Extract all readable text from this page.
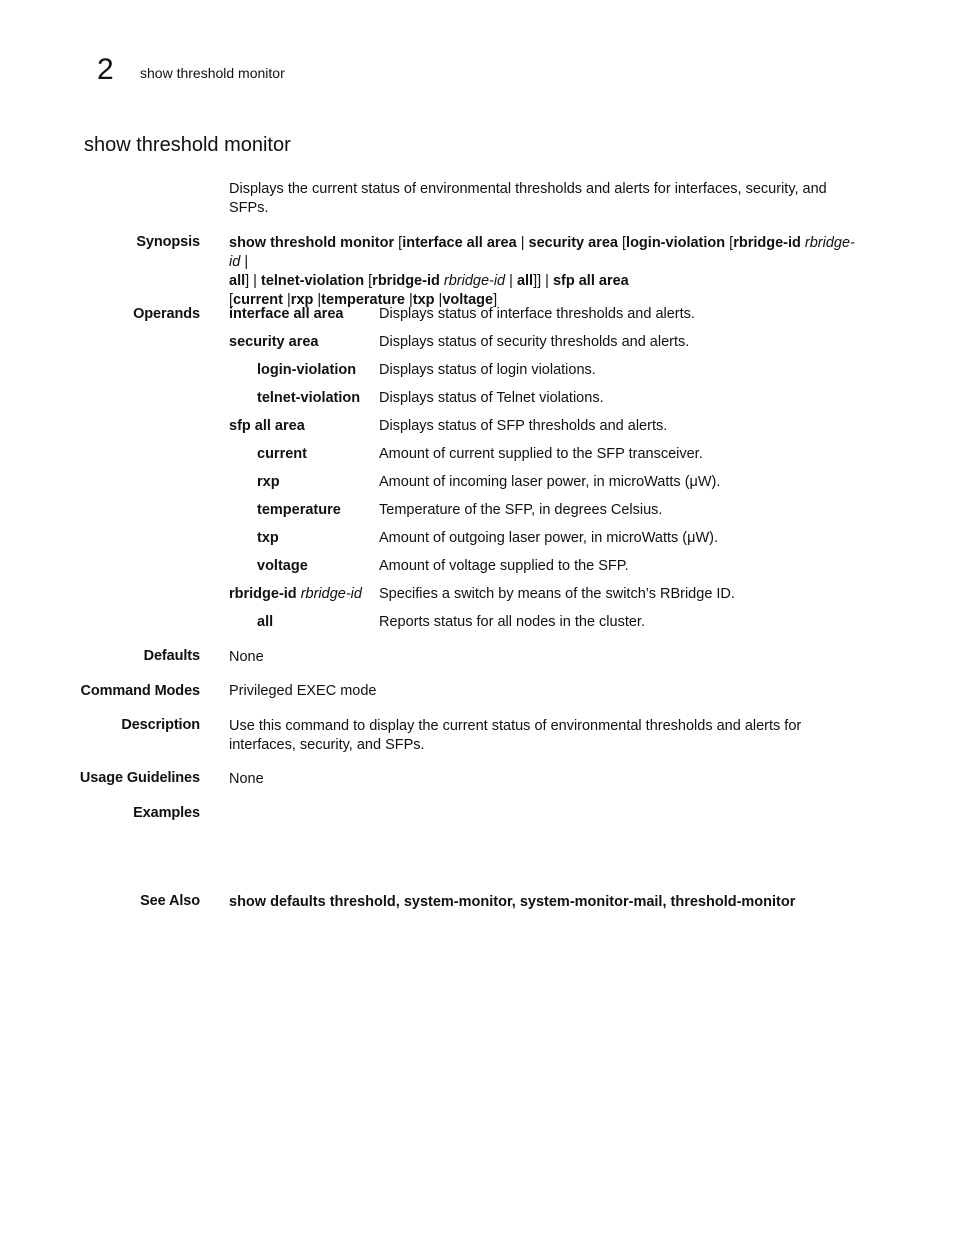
2 show threshold monitor
show threshold monitor
Displays the current status of environmental thresholds and alerts for interfaces, security, and SFPs.
Synopsis show threshold monitor [interface all area | security area [login-violation [rbridge-id rbridge-id |
all] | telnet-violation [rbridge-id rbridge-id | all]] | sfp all area
[current |rxp |temperature |txp |voltage]
Operands interface all area Displays status of interface thresholds and alerts.
security area	Displays status of security thresholds and alerts.
login-violation Displays status of login violations.
telnet-violation Displays status of Telnet violations.
sfp all area	Displays status of SFP thresholds and alerts.
current	Amount of current supplied to the SFP transceiver.
rxp	Amount of incoming laser power, in microWatts (μW).
temperature	Temperature of the SFP, in degrees Celsius.
txp	Amount of outgoing laser power, in microWatts (μW).
voltage	Amount of voltage supplied to the SFP.
rbridge-id rbridge-id Specifies a switch by means of the switch’s RBridge ID.
all	Reports status for all nodes in the cluster.
Defaults None
Command Modes Privileged EXEC mode
Description Use this command to display the current status of environmental thresholds and alerts for interfaces, security, and SFPs.
Usage Guidelines None
Examples
See Also show defaults threshold, system-monitor, system-monitor-mail, threshold-monitor
